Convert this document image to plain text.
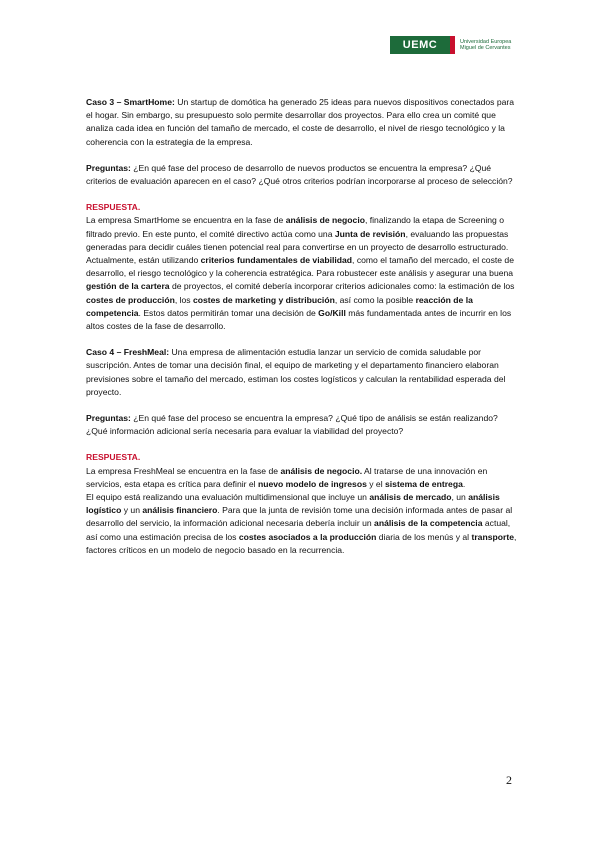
UEMC	Universidad Europea
Miguel de Cervantes

Caso 3 – SmartHome: Un startup de domótica ha generado 25 ideas para nuevos dispositivos conectados para el hogar. Sin embargo, su presupuesto solo permite desarrollar dos proyectos. Para ello crea un comité que analiza cada idea en función del tamaño de mercado, el coste de desarrollo, el nivel de riesgo tecnológico y la coherencia con la estrategia de la empresa.

Preguntas: ¿En qué fase del proceso de desarrollo de nuevos productos se encuentra la empresa? ¿Qué criterios de evaluación aparecen en el caso? ¿Qué otros criterios podrían incorporarse al proceso de selección?

RESPUESTA.

La empresa SmartHome se encuentra en la fase de análisis de negocio, finalizando la etapa de Screening o filtrado previo. En este punto, el comité directivo actúa como una Junta de revisión, evaluando las propuestas generadas para decidir cuáles tienen potencial real para convertirse en un proyecto de desarrollo estructurado.

Actualmente, están utilizando criterios fundamentales de viabilidad, como el tamaño del mercado, el coste de desarrollo, el riesgo tecnológico y la coherencia estratégica. Para robustecer este análisis y asegurar una buena gestión de la cartera de proyectos, el comité debería incorporar criterios adicionales como: la estimación de los costes de producción, los costes de marketing y distribución, así como la posible reacción de la competencia. Estos datos permitirán tomar una decisión de Go/Kill más fundamentada antes de incurrir en los altos costes de la fase de desarrollo.

Caso 4 – FreshMeal: Una empresa de alimentación estudia lanzar un servicio de comida saludable por suscripción. Antes de tomar una decisión final, el equipo de marketing y el departamento financiero elaboran previsiones sobre el tamaño del mercado, estiman los costes logísticos y calculan la rentabilidad esperada del proyecto.

Preguntas: ¿En qué fase del proceso se encuentra la empresa? ¿Qué tipo de análisis se están realizando? ¿Qué información adicional sería necesaria para evaluar la viabilidad del proyecto?

RESPUESTA.

La empresa FreshMeal se encuentra en la fase de análisis de negocio. Al tratarse de una innovación en servicios, esta etapa es crítica para definir el nuevo modelo de ingresos y el sistema de entrega.

El equipo está realizando una evaluación multidimensional que incluye un análisis de mercado, un análisis logístico y un análisis financiero. Para que la junta de revisión tome una decisión informada antes de pasar al desarrollo del servicio, la información adicional necesaria debería incluir un análisis de la competencia actual, así como una estimación precisa de los costes asociados a la producción diaria de los menús y al transporte, factores críticos en un modelo de negocio basado en la recurrencia.

2
